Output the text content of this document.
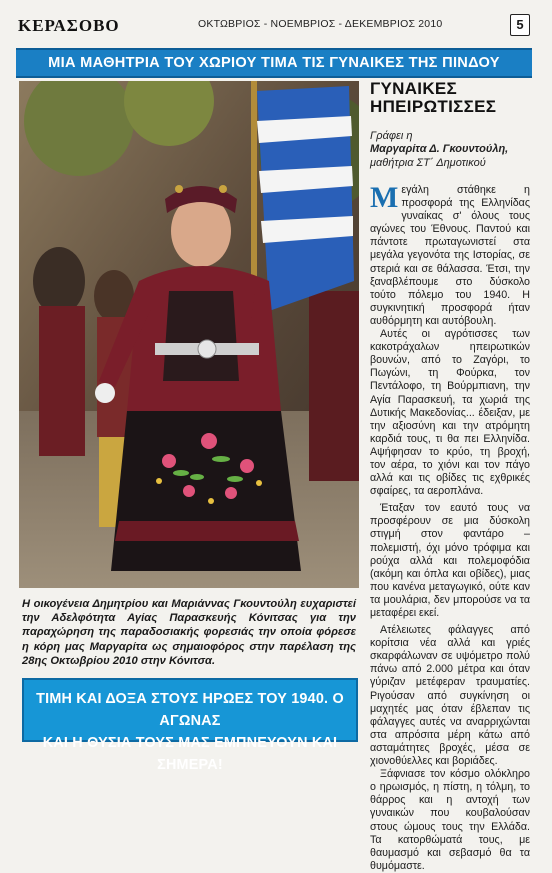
ΚΕΡΑΣΟΒΟ	ΟΚΤΩΒΡΙΟΣ - ΝΟΕΜΒΡΙΟΣ - ΔΕΚΕΜΒΡΙΟΣ 2010	5
ΜΙΑ ΜΑΘΗΤΡΙΑ ΤΟΥ ΧΩΡΙΟΥ ΤΙΜΑ ΤΙΣ ΓΥΝΑΙΚΕΣ ΤΗΣ ΠΙΝΔΟΥ
Η οικογένεια Δημητρίου και Μαριάννας Γκουντούλη ευχαριστεί την Αδελφότητα Αγίας Παρασκευής Κόνιτσας για την παραχώρηση της παραδοσιακής φορεσιάς την οποία φόρεσε η κόρη μας Μαργαρίτα ως σημαιοφόρος στην παρέλαση της 28ης Οκτωβρίου 2010 στην Κόνιτσα.
ΤΙΜΗ ΚΑΙ ΔΟΞΑ ΣΤΟΥΣ ΗΡΩΕΣ ΤΟΥ 1940. Ο ΑΓΩΝΑΣ
ΚΑΙ Η ΘΥΣΙΑ ΤΟΥΣ ΜΑΣ ΕΜΠΝΕΥΟΥΝ ΚΑΙ ΣΗΜΕΡΑ!
ΓΥΝΑΙΚΕΣ
ΗΠΕΙΡΩΤΙΣΣΕΣ
Γράφει η
Μαργαρίτα Δ. Γκουντούλη,
μαθήτρια ΣΤ΄ Δημοτικού

Μεγάλη στάθηκε η προσφορά της Ελληνίδας γυναίκας σ' όλους τους αγώνες του Έθνους. Παντού και πάντοτε πρωταγωνιστεί στα μεγάλα γεγονότα της Ιστορίας, σε στεριά και σε θάλασσα. Έτσι, την ξαναβλέπουμε στο δύσκολο τούτο πόλεμο του 1940. Η συγκινητική προσφορά ήταν αυθόρμητη και αυτόβουλη.

Αυτές οι αγρότισσες των κακοτράχαλων ηπειρωτικών βουνών, από το Ζαγόρι, το Πωγώνι, τη Φούρκα, τον Πεντάλοφο, τη Βούρμπιανη, την Αγία Παρασκευή, τα χωριά της Δυτικής Μακεδονίας... έδειξαν, με την αξιοσύνη και την ατρόμητη καρδιά τους, τι θα πει Ελληνίδα. Αψήφησαν το κρύο, τη βροχή, τον αέρα, το χιόνι και τον πάγο αλλά και τις οβίδες τις εχθρικές σφαίρες, τα αεροπλάνα.

Έταξαν τον εαυτό τους να προσφέρουν σε μια δύσκολη στιγμή στον φαντάρο – πολεμιστή, όχι μόνο τρόφιμα και ρούχα αλλά και πολεμοφόδια (ακόμη και όπλα και οβίδες), μιας που κανένα μεταγωγικό, ούτε καν τα μουλάρια, δεν μπορούσε να τα μεταφέρει εκεί.

Ατέλειωτες φάλαγγες από κορίτσια νέα αλλά και γριές σκαρφάλωναν σε υψόμετρο πολύ πάνω από 2.000 μέτρα και όταν γύριζαν μετέφεραν τραυματίες. Ριγούσαν από συγκίνηση οι μαχητές μας όταν έβλεπαν τις φάλαγγες αυτές να αναρριχώνται στα απρόσιτα μέρη κάτω από ασταμάτητες βροχές, μέσα σε χιονοθύελλες και βοριάδες.

Ξάφνιασε τον κόσμο ολόκληρο ο ηρωισμός, η πίστη, η τόλμη, το θάρρος και η αντοχή των γυναικών που κουβαλούσαν στους ώμους τους την Ελλάδα. Τα κατορθώματά τους, με θαυμασμό και σεβασμό θα τα θυμόμαστε.
